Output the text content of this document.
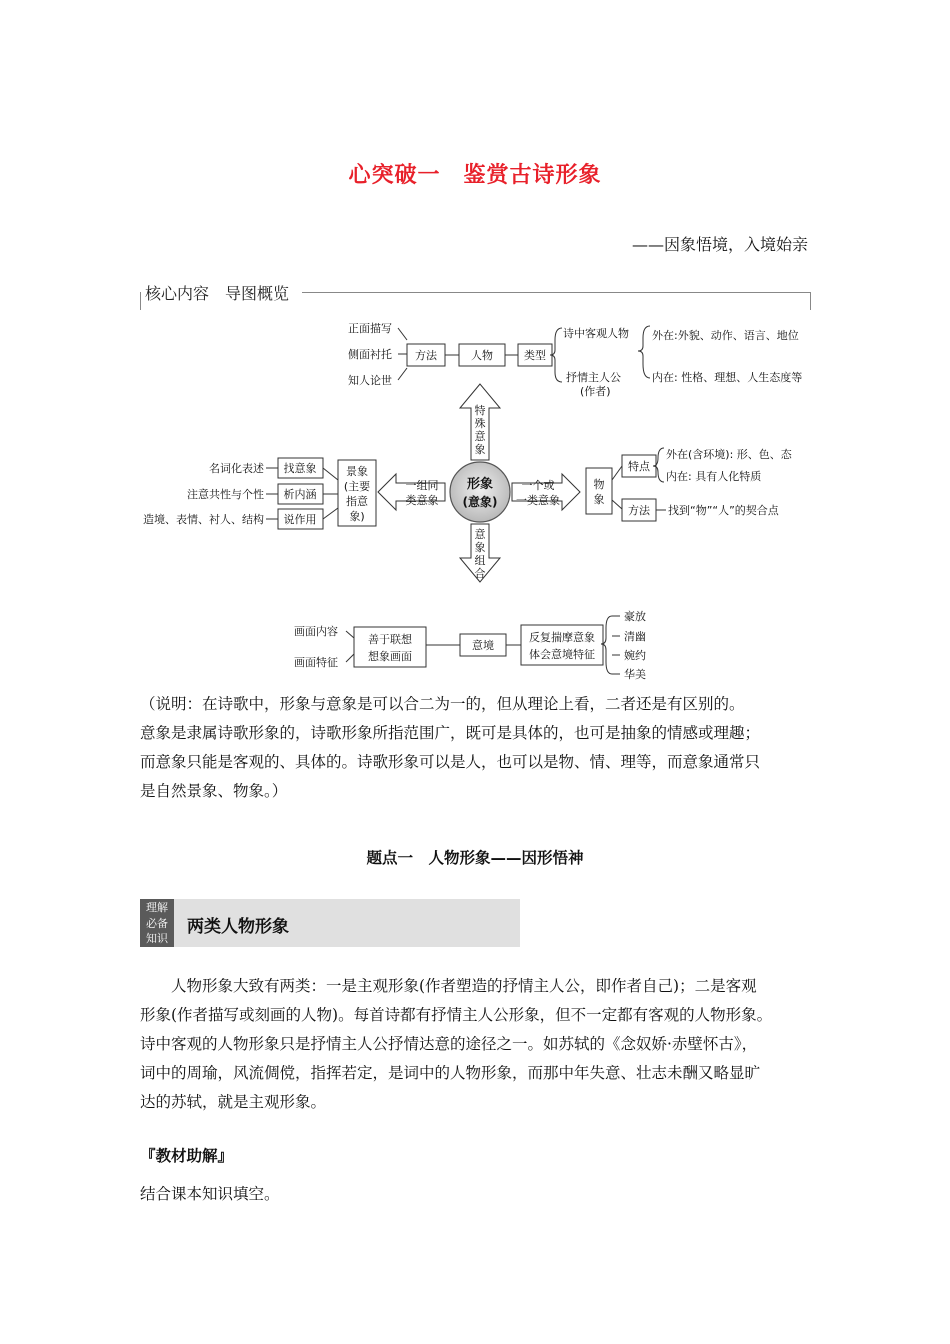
心突破一　鉴赏古诗形象
——因象悟境，入境始亲
核心内容　导图概览
形象
(意象)
正面描写
侧面衬托
知人论世
方法	人物	类型
诗中客观人物
抒情主人公
(作者)
外在:外貌、动作、语言、地位
内在: 性格、理想、人生态度等
特
殊
意
象
意
象
组
合
一组同
类意象
一个或
一类意象
名词化表述
注意共性与个性
造境、表情、衬人、结构
找意象
析内涵
说作用
景象
(主要
指意
象)
物
象
特点
外在(含环境): 形、色、态
内在: 具有人化特质
方法 找到“物”“人”的契合点
画面内容
画面特征
善于联想
想象画面
意境
反复揣摩意象
体会意境特征
豪放
清幽
婉约
华美

（说明：在诗歌中，形象与意象是可以合二为一的，但从理论上看，二者还是有区别的。

意象是隶属诗歌形象的，诗歌形象所指范围广，既可是具体的，也可是抽象的情感或理趣；

而意象只能是客观的、具体的。诗歌形象可以是人，也可以是物、情、理等，而意象通常只

是自然景象、物象。）

题点一　人物形象——因形悟神
理解
必备
知识
两类人物形象

人物形象大致有两类：一是主观形象(作者塑造的抒情主人公，即作者自己)；二是客观

形象(作者描写或刻画的人物)。每首诗都有抒情主人公形象，但不一定都有客观的人物形象。

诗中客观的人物形象只是抒情主人公抒情达意的途径之一。如苏轼的《念奴娇·赤壁怀古》，

词中的周瑜，风流倜傥，指挥若定，是词中的人物形象，而那中年失意、壮志未酬又略显旷

达的苏轼，就是主观形象。

『教材助解』
结合课本知识填空。
